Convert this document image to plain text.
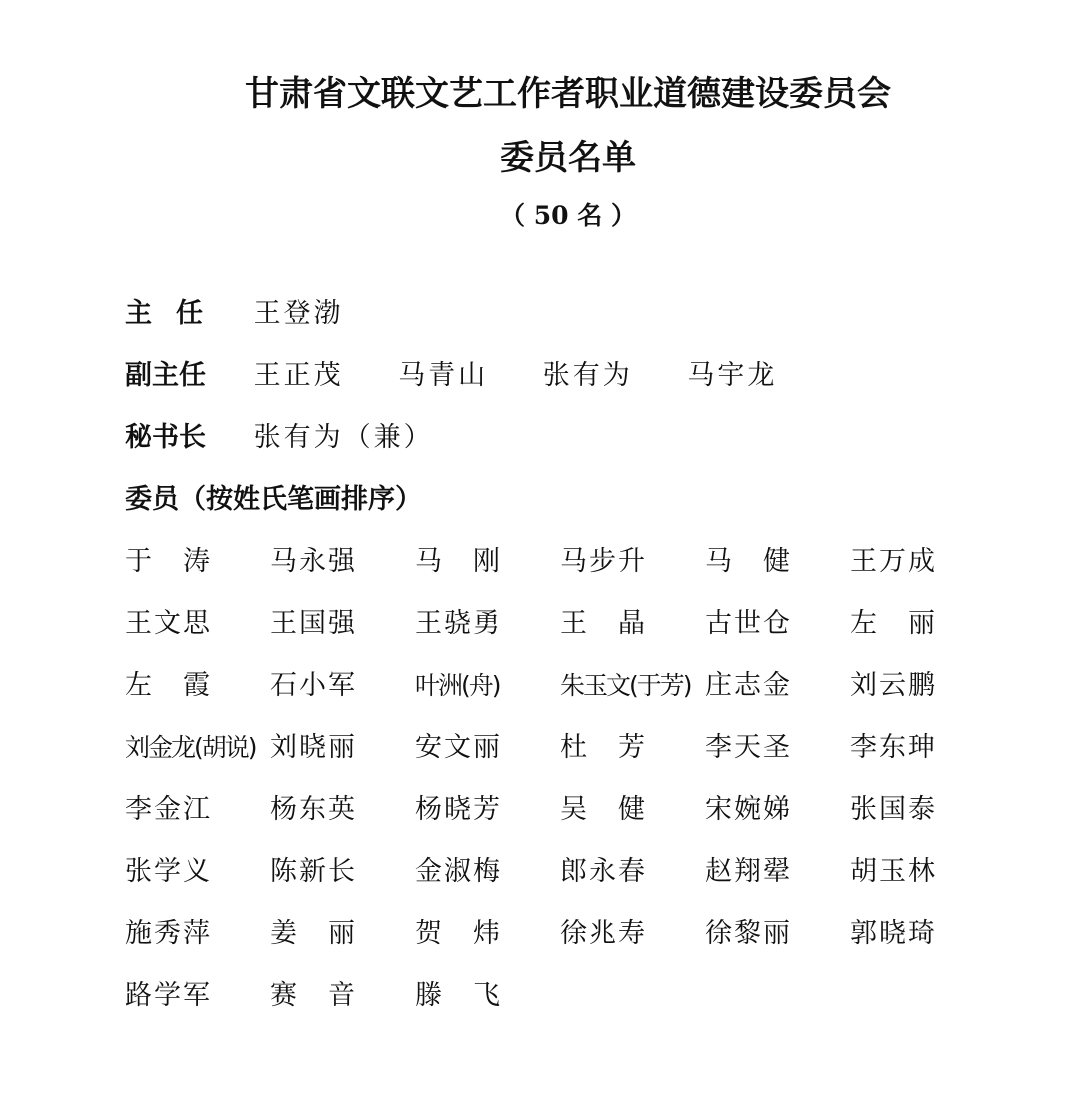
甘肃省文联文艺工作者职业道德建设委员会
委员名单
（ 50 名 ）
主任 王登渤
副主任 王正茂 马青山 张有为 马宇龙
秘书长 张有为（兼）
委员（按姓氏笔画排序）
于　涛	马永强	马　刚	马步升	马　健	王万成
王文思	王国强	王骁勇	王　晶	古世仓	左　丽
左　霞	石小军	叶洲(舟)	朱玉文(于芳) 庄志金	刘云鹏
刘金龙(胡说) 刘晓丽	安文丽	杜　芳	李天圣	李东珅
李金江	杨东英	杨晓芳	吴　健	宋婉娣	张国泰
张学义	陈新长	金淑梅	郎永春	赵翔翚	胡玉林
施秀萍	姜　丽	贺　炜	徐兆寿	徐黎丽	郭晓琦
路学军	赛　音	滕　飞
